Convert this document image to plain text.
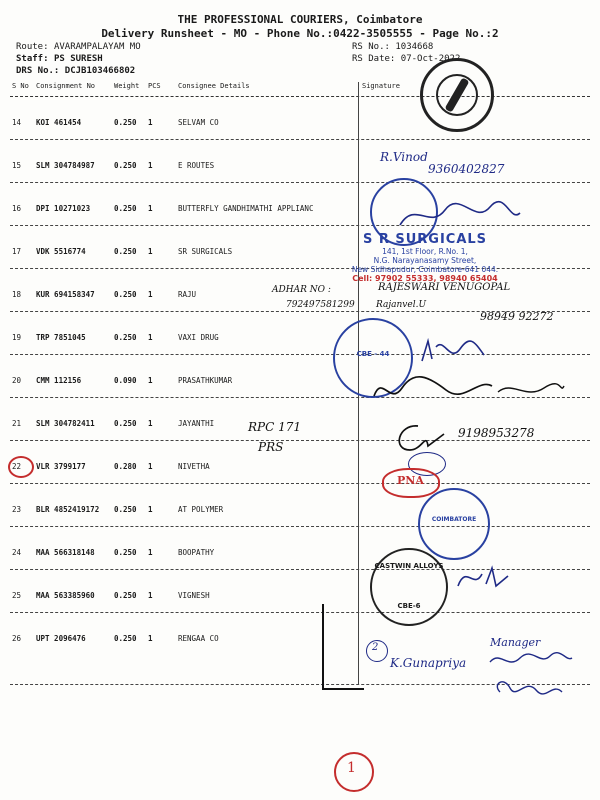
THE PROFESSIONAL COURIERS, Coimbatore
Delivery Runsheet - MO - Phone No.:0422-3505555 - Page No.:2
Route: AVARAMPALAYAM MO
Staff: PS SURESH
DRS No.: DCJB103466802
RS No.: 1034668
RS Date: 07-Oct-2022
S No Consignment No	Weight PCS Consignee Details	Signature
14 KOI 461454	0.250 1	SELVAM CO
15 SLM 304784987	0.250 1	E ROUTES
16 DPI 10271023	0.250 1	BUTTERFLY GANDHIMATHI APPLIANC
17 VDK 5516774	0.250 1	SR SURGICALS
18 KUR 694158347	0.250 1	RAJU
19 TRP 7851045	0.250 1	VAXI DRUG
20 CMM 112156	0.090 1	PRASATHKUMAR
21 SLM 304782411	0.250 1	JAYANTHI
22 VLR 3799177	0.280 1	NIVETHA
23 BLR 4852419172 0.250 1	AT POLYMER
24 MAA 566318148	0.250 1	BOOPATHY
25 MAA 563385960	0.250 1	VIGNESH
26 UPT 2096476	0.250 1	RENGAA CO
R.Vinod
9360402827
S R SURGICALS
141, 1st Floor, R.No. 1,
N.G. Narayanasamy Street,
New Sidhapudur, Coimbatore-641 044.
Cell: 97902 55333, 98940 65404
ADHAR NO :
792497581299
RAJESWARI VENUGOPAL
Rajanvel.U
98949 92272
CBE - 44
RPC 171
PRS
9198953278
PNA
COIMBATORE
CASTWIN ALLOYS
CBE-6
2
K.Gunapriya
Manager
1
